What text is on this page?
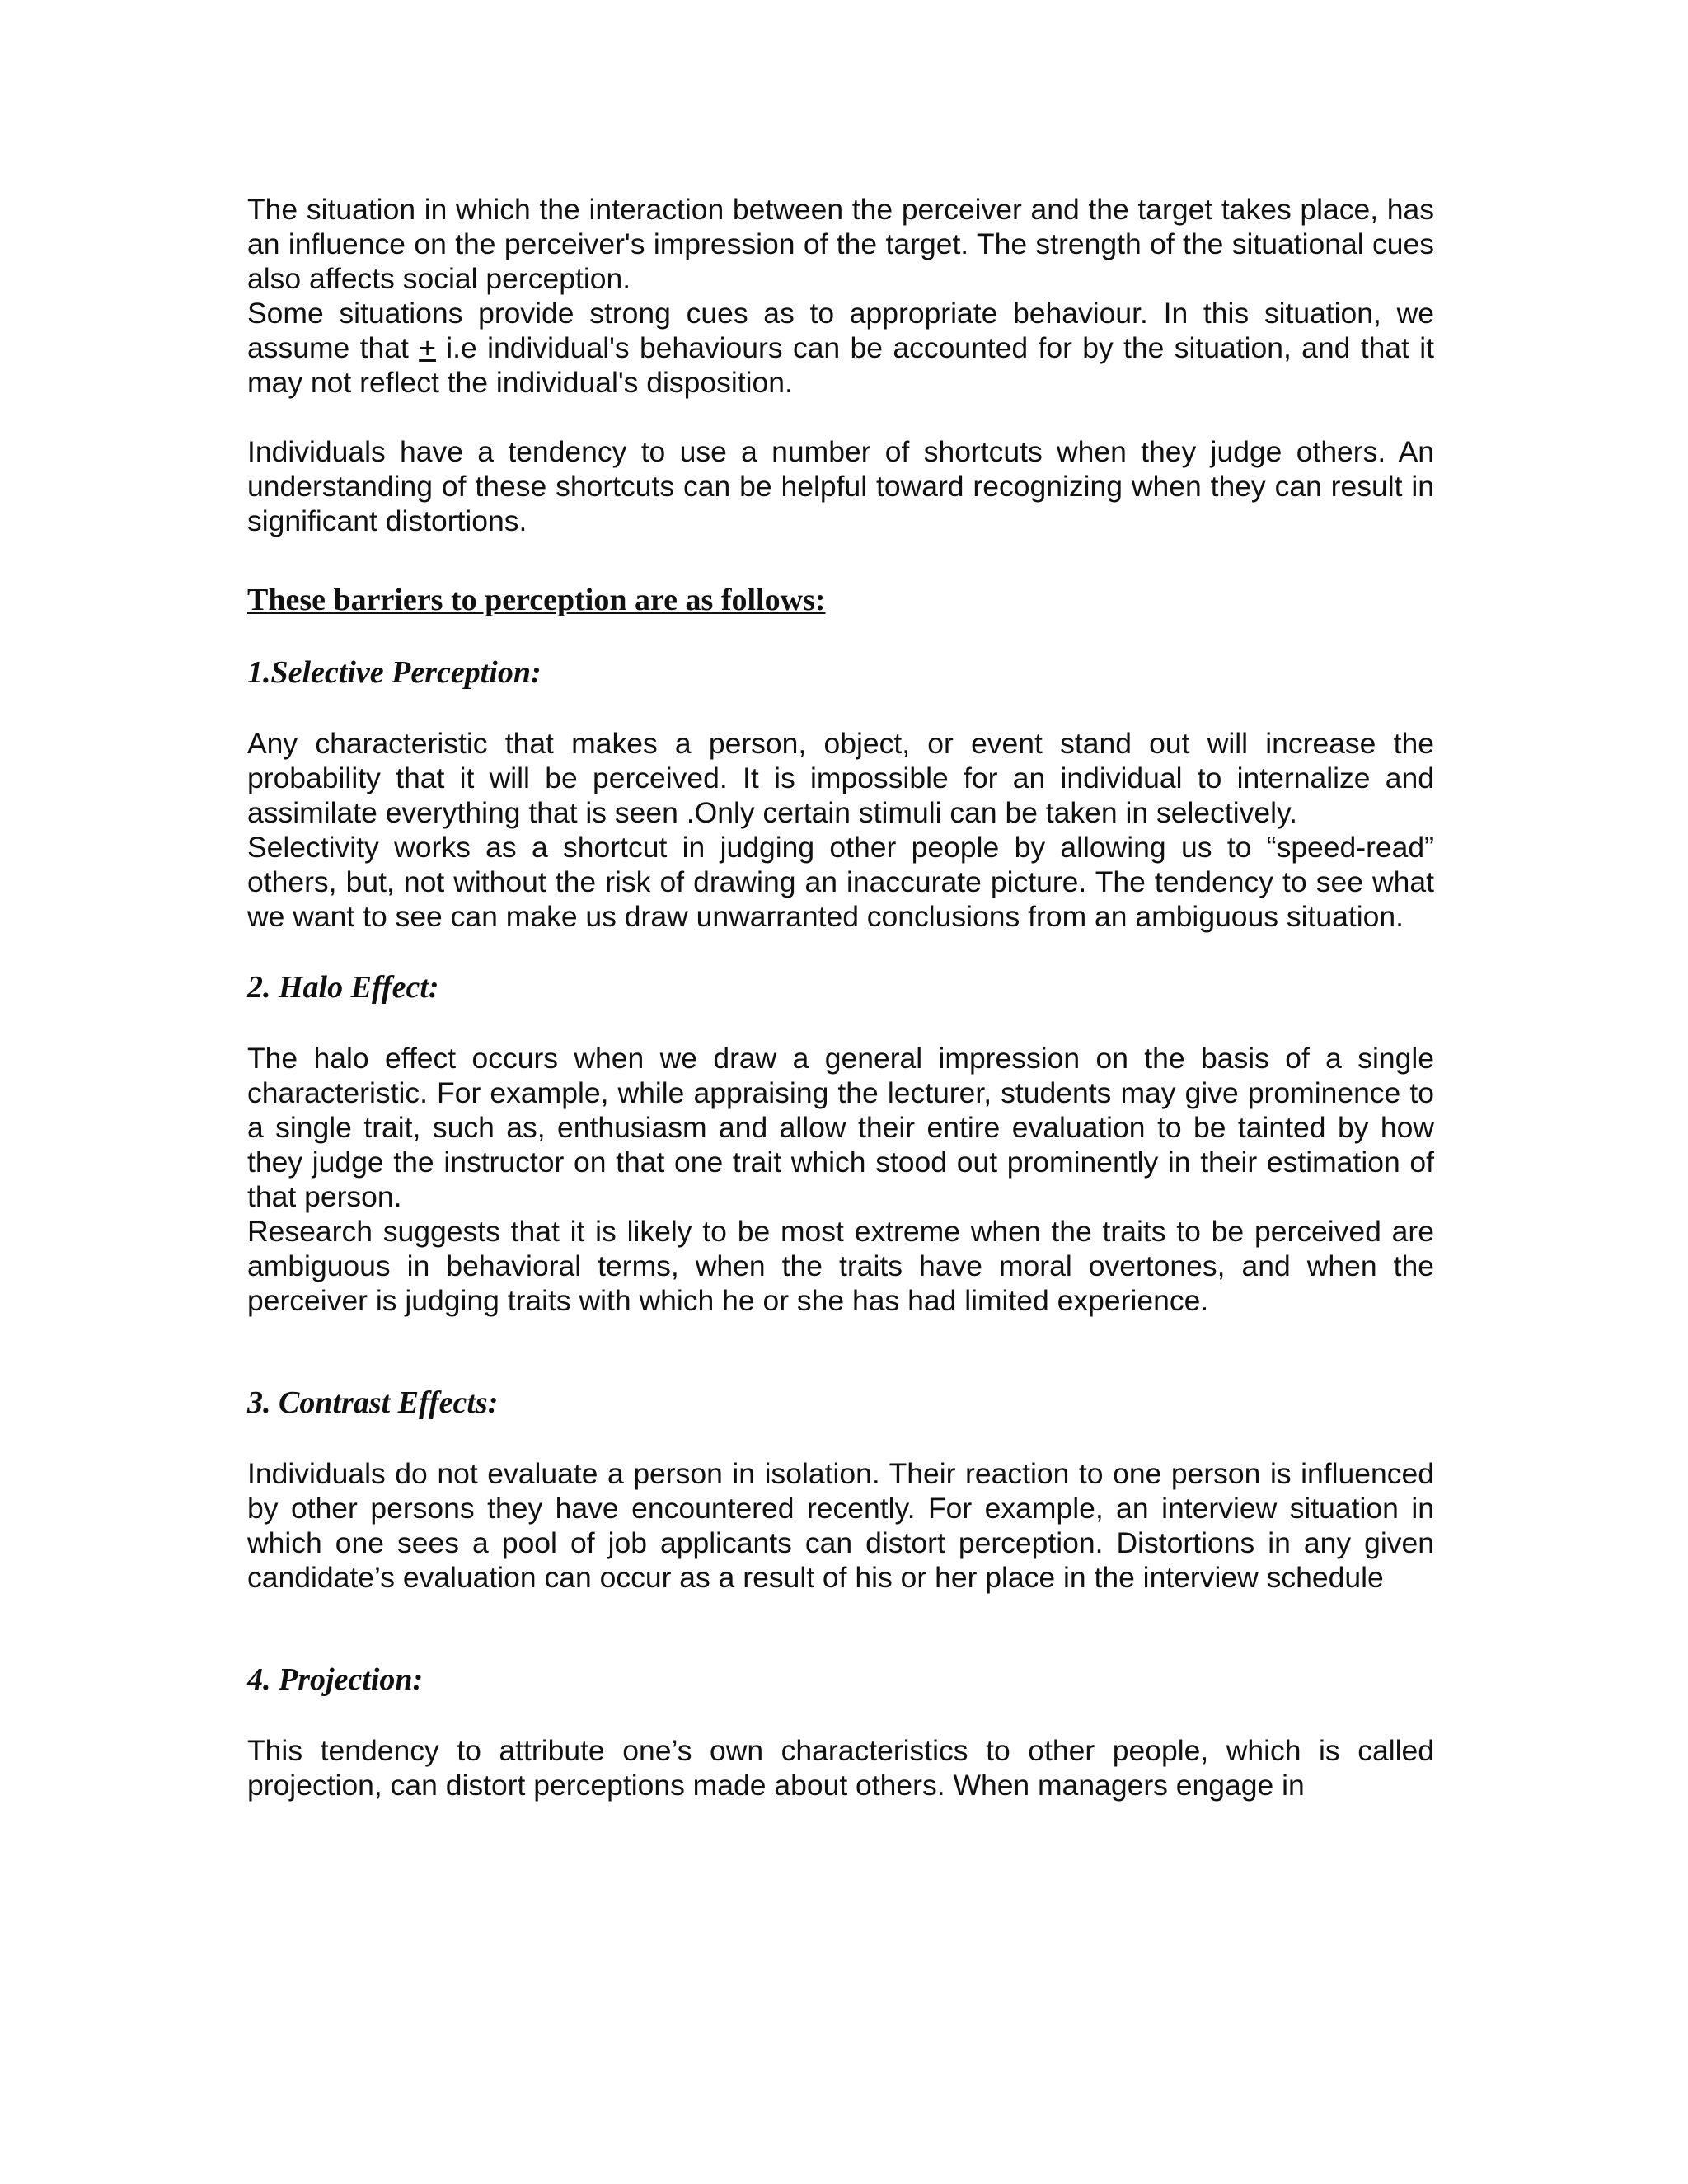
The situation in which the interaction between the perceiver and the target takes place, has an influence on the perceiver's impression of the target. The strength of the situational cues also affects social perception.

Some situations provide strong cues as to appropriate behaviour. In this situation, we assume that + i.e individual's behaviours can be accounted for by the situation, and that it may not reflect the individual's disposition.

Individuals have a tendency to use a number of shortcuts when they judge others. An understanding of these shortcuts can be helpful toward recognizing when they can result in significant distortions.

These barriers to perception are as follows:

1.Selective Perception:

Any characteristic that makes a person, object, or event stand out will increase the probability that it will be perceived. It is impossible for an individual to internalize and assimilate everything that is seen .Only certain stimuli can be taken in selectively.

Selectivity works as a shortcut in judging other people by allowing us to “speed-read” others, but, not without the risk of drawing an inaccurate picture. The tendency to see what we want to see can make us draw unwarranted conclusions from an ambiguous situation.

2. Halo Effect:

The halo effect occurs when we draw a general impression on the basis of a single characteristic. For example, while appraising the lecturer, students may give prominence to a single trait, such as, enthusiasm and allow their entire evaluation to be tainted by how they judge the instructor on that one trait which stood out prominently in their estimation of that person.

Research suggests that it is likely to be most extreme when the traits to be perceived are ambiguous in behavioral terms, when the traits have moral overtones, and when the perceiver is judging traits with which he or she has had limited experience.

3. Contrast Effects:

Individuals do not evaluate a person in isolation. Their reaction to one person is influenced by other persons they have encountered recently. For example, an interview situation in which one sees a pool of job applicants can distort perception. Distortions in any given candidate’s evaluation can occur as a result of his or her place in the interview schedule

4. Projection:

This tendency to attribute one’s own characteristics to other people, which is called projection, can distort perceptions made about others. When managers engage in
